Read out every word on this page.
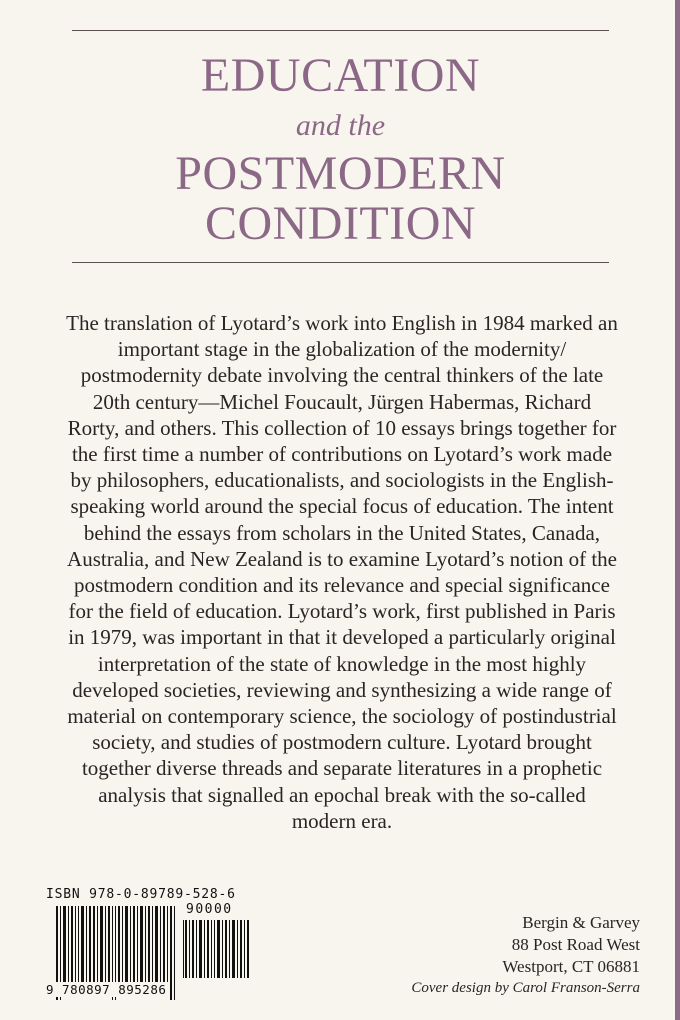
EDUCATION
and the
POSTMODERN
CONDITION

The translation of Lyotard’s work into English in 1984 marked an important stage in the globalization of the modernity/ postmodernity debate involving the central thinkers of the late 20th century—Michel Foucault, Jürgen Habermas, Richard Rorty, and others. This collection of 10 essays brings together for the first time a number of contributions on Lyotard’s work made by philosophers, educationalists, and sociologists in the English-speaking world around the special focus of education. The intent behind the essays from scholars in the United States, Canada, Australia, and New Zealand is to examine Lyotard’s notion of the postmodern condition and its relevance and special significance for the field of education. Lyotard’s work, first published in Paris in 1979, was important in that it developed a particularly original interpretation of the state of knowledge in the most highly developed societies, reviewing and synthesizing a wide range of material on contemporary science, the sociology of postindustrial society, and studies of postmodern culture. Lyotard brought together diverse threads and separate literatures in a prophetic analysis that signalled an epochal break with the so-called modern era.

ISBN 978-0-89789-528-6
90000
9 780897 895286
Bergin & Garvey
88 Post Road West
Westport, CT 06881
Cover design by Carol Franson-Serra
